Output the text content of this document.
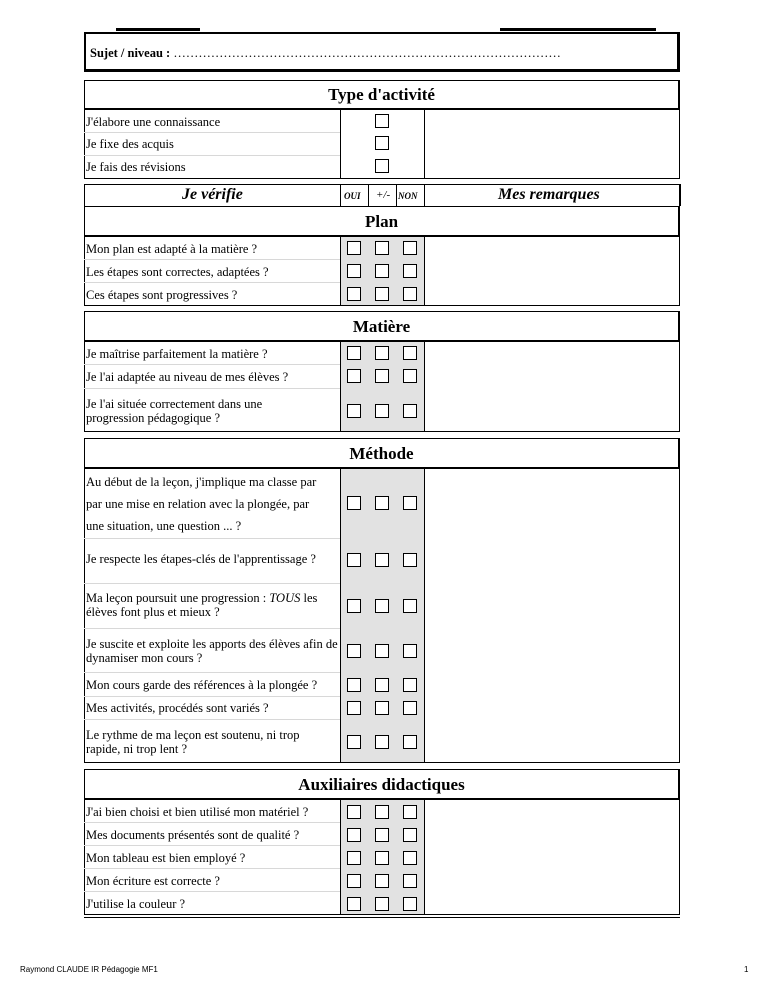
Sujet / niveau : …………………………………………………………………………………
Type d'activité
J'élabore une connaissance
Je fixe des acquis
Je fais des révisions
Je vérifie	OUI +/- NON	Mes remarques
Plan
Mon plan est adapté à la matière ?
Les étapes sont correctes, adaptées ?
Ces étapes sont progressives ?
Matière
Je maîtrise parfaitement la matière ?
Je l'ai adaptée au niveau de mes élèves ?
Je l'ai située correctement dans une progression pédagogique ?
Méthode
Au début de la leçon, j'implique ma classe par
par une mise en relation avec la plongée, par
une situation, une question ... ?
Je respecte les étapes-clés de l'apprentissage ?
Ma leçon poursuit une progression : TOUS les élèves font plus et mieux ?
Je suscite et exploite les apports des élèves afin de dynamiser mon cours ?
Mon cours garde des références à la plongée ?
Mes activités, procédés sont variés ?
Le rythme de ma leçon est soutenu, ni trop rapide, ni trop lent ?
Auxiliaires didactiques
J'ai bien choisi et bien utilisé mon matériel ?
Mes documents présentés sont de qualité ?
Mon tableau est bien employé ?
Mon écriture est correcte ?
J'utilise la couleur ?
Raymond CLAUDE IR Pédagogie MF1	1
